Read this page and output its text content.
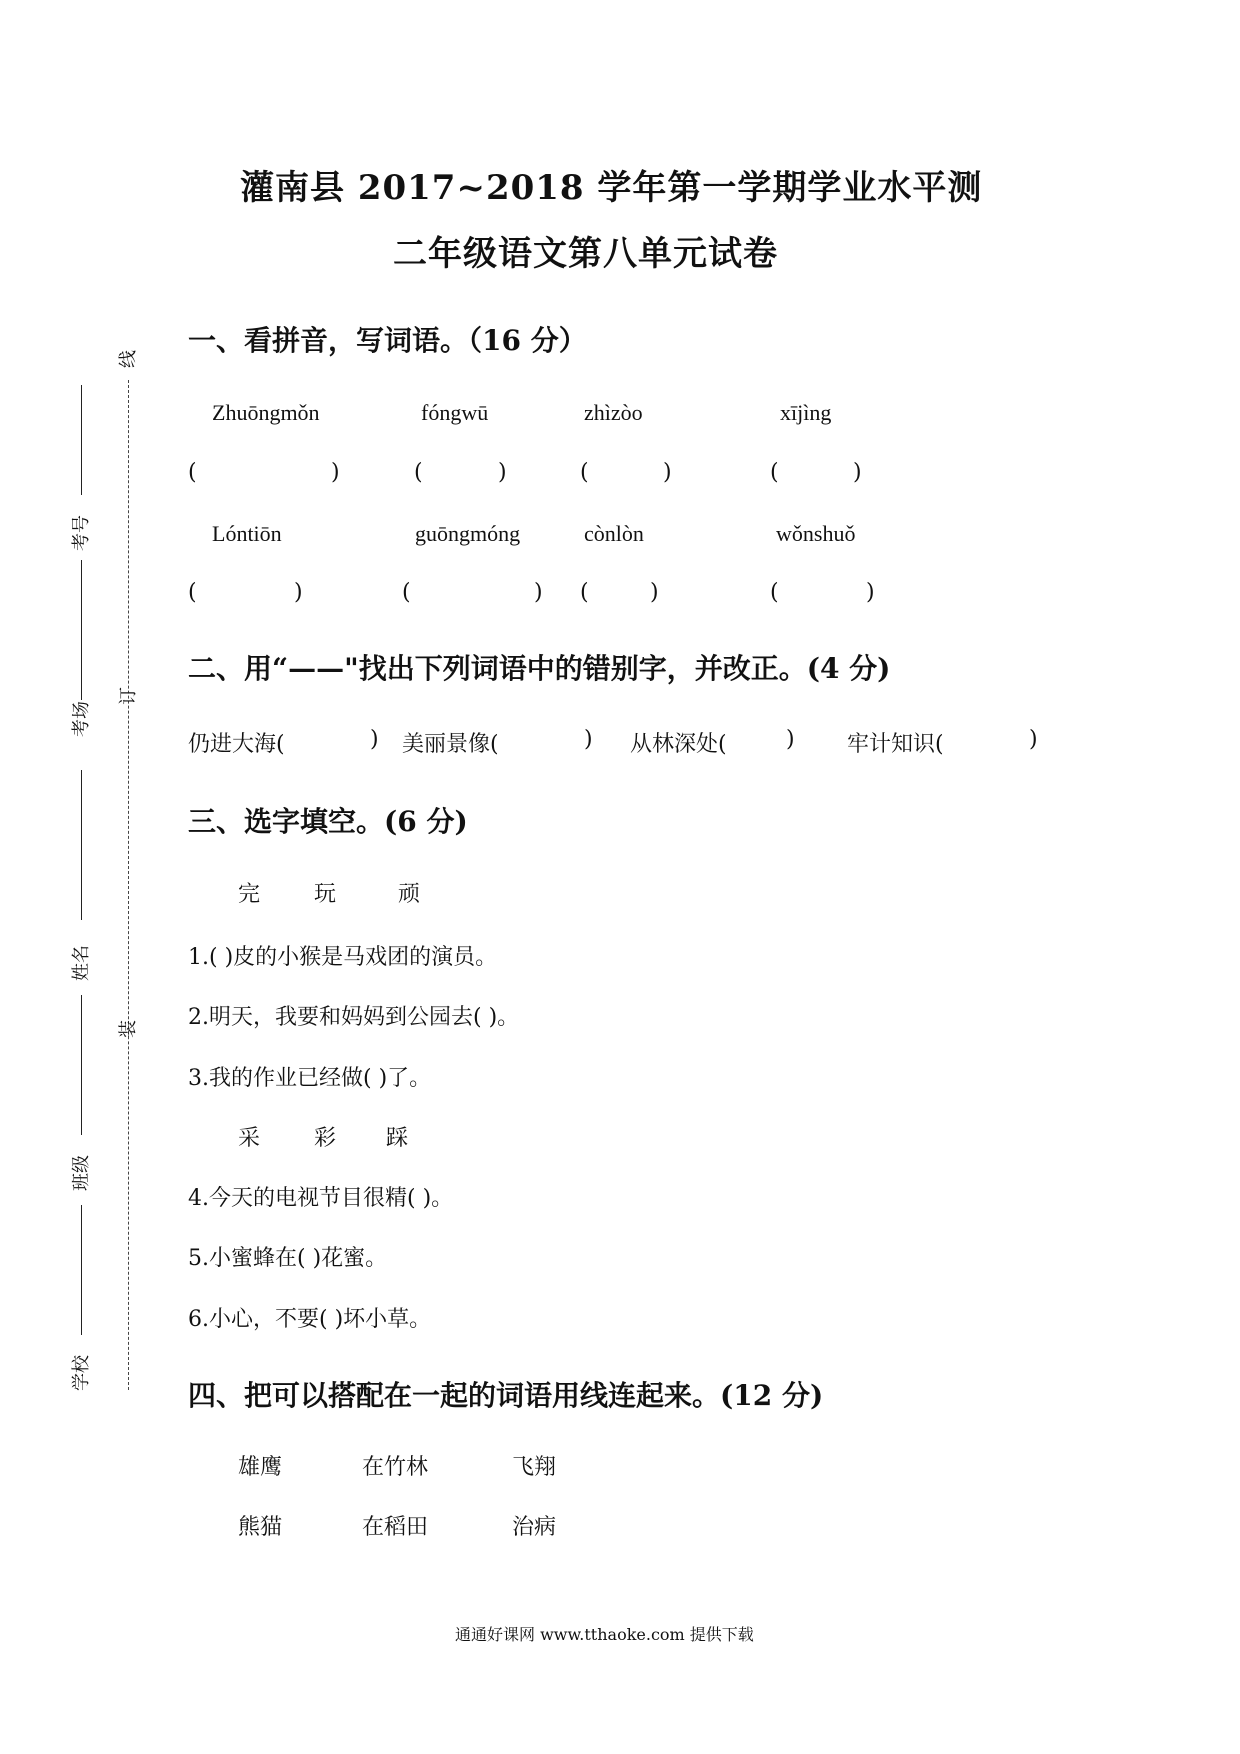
灌南县 2017~2018 学年第一学期学业水平测
二年级语文第八单元试卷
线
考号
订
考场
姓名
装
班级
学校
一、看拼音，写词语。（16 分）
Zhuōngmǒn	fóngwū	zhìzòo	xījìng
(	)	(	)	(	)	(	)
Lóntiōn	guōngmóng	cònlòn	wǒnshuǒ
(	)	(	) (	)	(	)
二、用“——"找出下列词语中的错别字，并改正。(4 分)
仍进大海(	) 美丽景像(	) 从林深处(	) 牢计知识(	)
三、选字填空。(6 分)
完 玩	顽
1.( )皮的小猴是马戏团的演员。
2.明天，我要和妈妈到公园去( )。
3.我的作业已经做( )了。
采 彩 踩
4.今天的电视节目很精( )。
5.小蜜蜂在( )花蜜。
6.小心，不要( )坏小草。
四、把可以搭配在一起的词语用线连起来。(12 分)
雄鹰	在竹林	飞翔
熊猫	在稻田	治病
通通好课网 www.tthaoke.com 提供下载
